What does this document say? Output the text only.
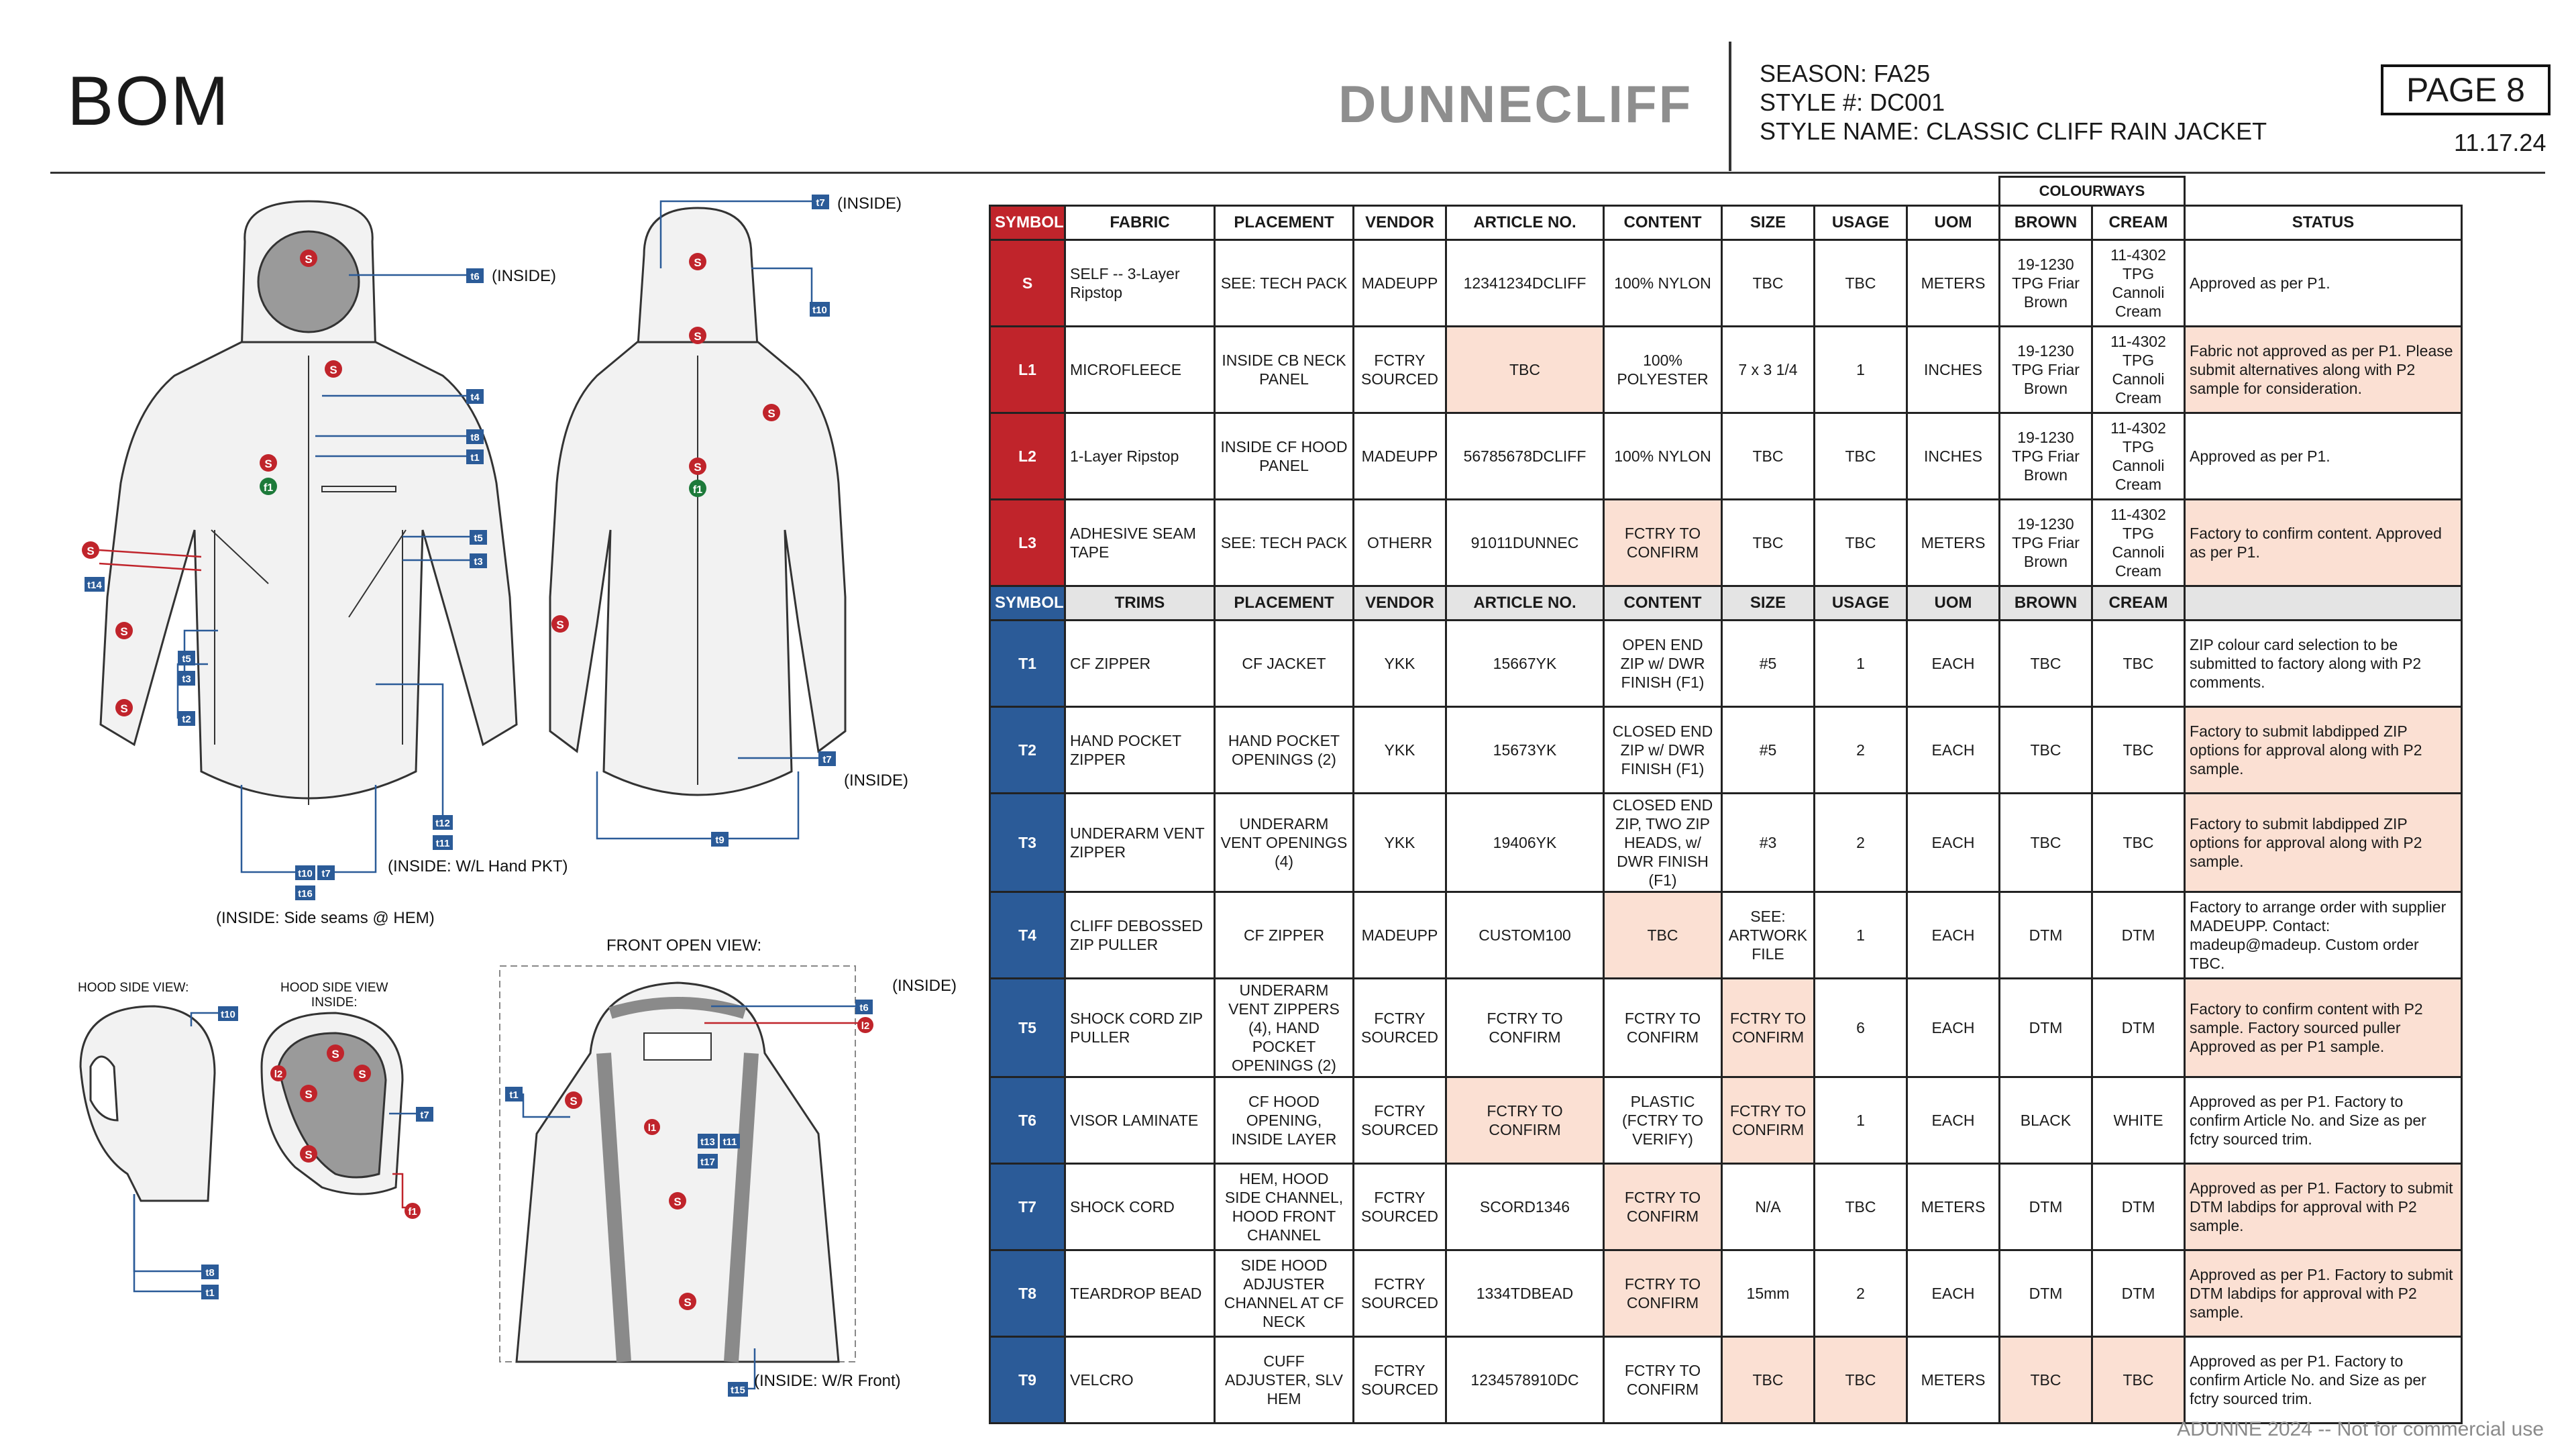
BOM	DUNNECLIFF
SEASON: FA25
STYLE #: DC001
STYLE NAME: CLASSIC CLIFF RAIN JACKET
PAGE 8
11.17.24
S
f1
t6
t4
t8
t1
t5
t3
t14
t5
t3
t2
t12
t11
t10 t7
t16
f1
t7
t10
t7
t9
t10
t8
t1
t7
f1
l2
t6
l2
t1
l1
t13 t11
t17
t15
(INSIDE)
(INSIDE)
(INSIDE)
(INSIDE: W/L Hand PKT)
(INSIDE: Side seams @ HEM)
HOOD SIDE VIEW:	HOOD SIDE VIEW
INSIDE:
FRONT OPEN VIEW:
(INSIDE)
(INSIDE: W/R Front)
									COLOURWAYS		
SYMBOL	FABRIC	PLACEMENT	VENDOR	ARTICLE NO.	CONTENT	SIZE	USAGE	UOM	BROWN	CREAM	STATUS
S	SELF -- 3-Layer Ripstop	SEE: TECH PACK	MADEUPP	12341234DCLIFF	100% NYLON	TBC	TBC	METERS	19-1230 TPG Friar Brown	11-4302 TPG Cannoli Cream	Approved as per P1.
L1	MICROFLEECE	INSIDE CB NECK PANEL	FCTRY SOURCED	TBC	100% POLYESTER	7 x 3 1/4	1	INCHES	19-1230 TPG Friar Brown	11-4302 TPG Cannoli Cream	Fabric not approved as per P1. Please submit alternatives along with P2 sample for consideration.
L2	1-Layer Ripstop	INSIDE CF HOOD PANEL	MADEUPP	56785678DCLIFF	100% NYLON	TBC	TBC	INCHES	19-1230 TPG Friar Brown	11-4302 TPG Cannoli Cream	Approved as per P1.
L3	ADHESIVE SEAM TAPE	SEE: TECH PACK	OTHERR	91011DUNNEC	FCTRY TO CONFIRM	TBC	TBC	METERS	19-1230 TPG Friar Brown	11-4302 TPG Cannoli Cream	Factory to confirm content. Approved as per P1.
SYMBOL	TRIMS	PLACEMENT	VENDOR	ARTICLE NO.	CONTENT	SIZE	USAGE	UOM	BROWN	CREAM	
T1	CF ZIPPER	CF JACKET	YKK	15667YK	OPEN END ZIP w/ DWR FINISH (F1)	#5	1	EACH	TBC	TBC	ZIP colour card selection to be submitted to factory along with P2 comments.
T2	HAND POCKET ZIPPER	HAND POCKET OPENINGS (2)	YKK	15673YK	CLOSED END ZIP w/ DWR FINISH (F1)	#5	2	EACH	TBC	TBC	Factory to submit labdipped ZIP options for approval along with P2 sample.
T3	UNDERARM VENT ZIPPER	UNDERARM VENT OPENINGS (4)	YKK	19406YK	CLOSED END ZIP, TWO ZIP HEADS, w/ DWR FINISH (F1)	#3	2	EACH	TBC	TBC	Factory to submit labdipped ZIP options for approval along with P2 sample.
T4	CLIFF DEBOSSED ZIP PULLER	CF ZIPPER	MADEUPP	CUSTOM100	TBC	SEE: ARTWORK FILE	1	EACH	DTM	DTM	Factory to arrange order with supplier MADEUPP. Contact: madeup@madeup. Custom order TBC.
T5	SHOCK CORD ZIP PULLER	UNDERARM VENT ZIPPERS (4), HAND POCKET OPENINGS (2)	FCTRY SOURCED	FCTRY TO CONFIRM	FCTRY TO CONFIRM	FCTRY TO CONFIRM	6	EACH	DTM	DTM	Factory to confirm content with P2 sample. Factory sourced puller Approved as per P1 sample.
T6	VISOR LAMINATE	CF HOOD OPENING, INSIDE LAYER	FCTRY SOURCED	FCTRY TO CONFIRM	PLASTIC (FCTRY TO VERIFY)	FCTRY TO CONFIRM	1	EACH	BLACK	WHITE	Approved as per P1. Factory to confirm Article No. and Size as per fctry sourced trim.
T7	SHOCK CORD	HEM, HOOD SIDE CHANNEL, HOOD FRONT CHANNEL	FCTRY SOURCED	SCORD1346	FCTRY TO CONFIRM	N/A	TBC	METERS	DTM	DTM	Approved as per P1. Factory to submit DTM labdips for approval with P2 sample.
T8	TEARDROP BEAD	SIDE HOOD ADJUSTER CHANNEL AT CF NECK	FCTRY SOURCED	1334TDBEAD	FCTRY TO CONFIRM	15mm	2	EACH	DTM	DTM	Approved as per P1. Factory to submit DTM labdips for approval with P2 sample.
T9	VELCRO	CUFF ADJUSTER, SLV HEM	FCTRY SOURCED	1234578910DC	FCTRY TO CONFIRM	TBC	TBC	METERS	TBC	TBC	Approved as per P1. Factory to confirm Article No. and Size as per fctry sourced trim.
ADUNNE 2024 -- Not for commercial use
